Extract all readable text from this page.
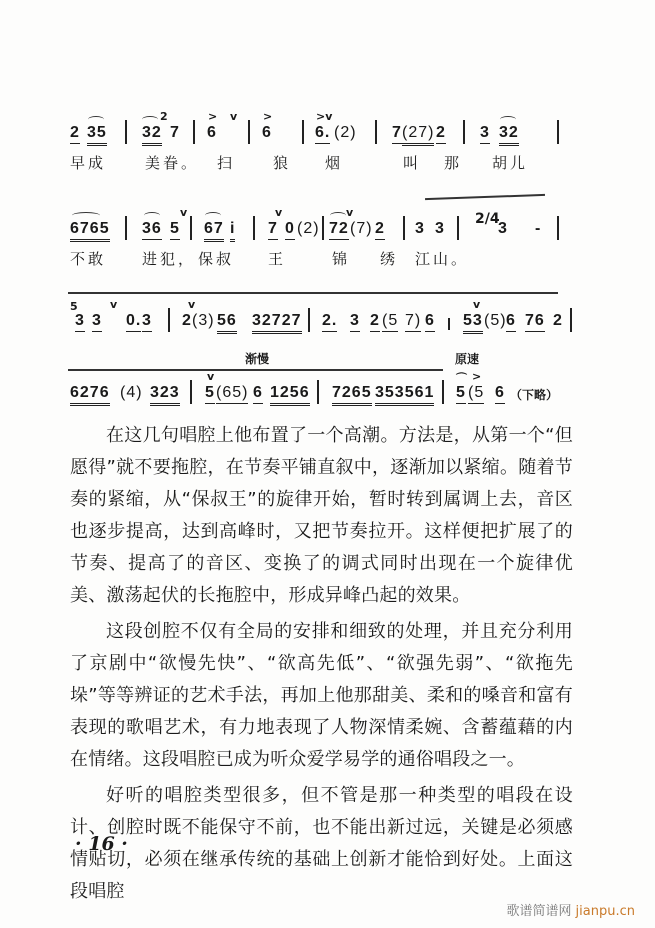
2 35 32
2
7
> v
6
>
6
>v
6. (2) 7 (27) 2 3 32
早成	美眷。 扫	狼 烟	叫 那 胡儿
6765 36 5
v
67 i
v
7 0 (2)
v
72 (7) 2 3 3
2/4
3 -
不敢 进犯， 保叔 王	锦 绣 江山。
5
3 3
v
0. 3
v
2 (3) 56 32727 2. 3 2 (5 7) 6
v
53 (5) 6 76 2
渐慢	原速
6276 (4) 323
v
5 (65) 6 1256 7265 353561
⌒ >
5 (5 6 （下略）

在这几句唱腔上他布置了一个高潮。方法是，从第一个“但愿得”就不要拖腔，在节奏平铺直叙中，逐渐加以紧缩。随着节奏的紧缩，从“保叔王”的旋律开始，暂时转到属调上去，音区也逐步提高，达到高峰时，又把节奏拉开。这样便把扩展了的节奏、提高了的音区、变换了的调式同时出现在一个旋律优美、激荡起伏的长拖腔中，形成异峰凸起的效果。

这段创腔不仅有全局的安排和细致的处理，并且充分利用了京剧中“欲慢先快”、“欲高先低”、“欲强先弱”、“欲拖先垛”等等辨证的艺术手法，再加上他那甜美、柔和的嗓音和富有表现的歌唱艺术，有力地表现了人物深情柔婉、含蓄蕴藉的内在情绪。这段唱腔已成为听众爱学易学的通俗唱段之一。

好听的唱腔类型很多，但不管是那一种类型的唱段在设计、创腔时既不能保守不前，也不能出新过远，关键是必须感情贴切，必须在继承传统的基础上创新才能恰到好处。上面这段唱腔

· 16 ·
歌谱简谱网 jianpu.cn
